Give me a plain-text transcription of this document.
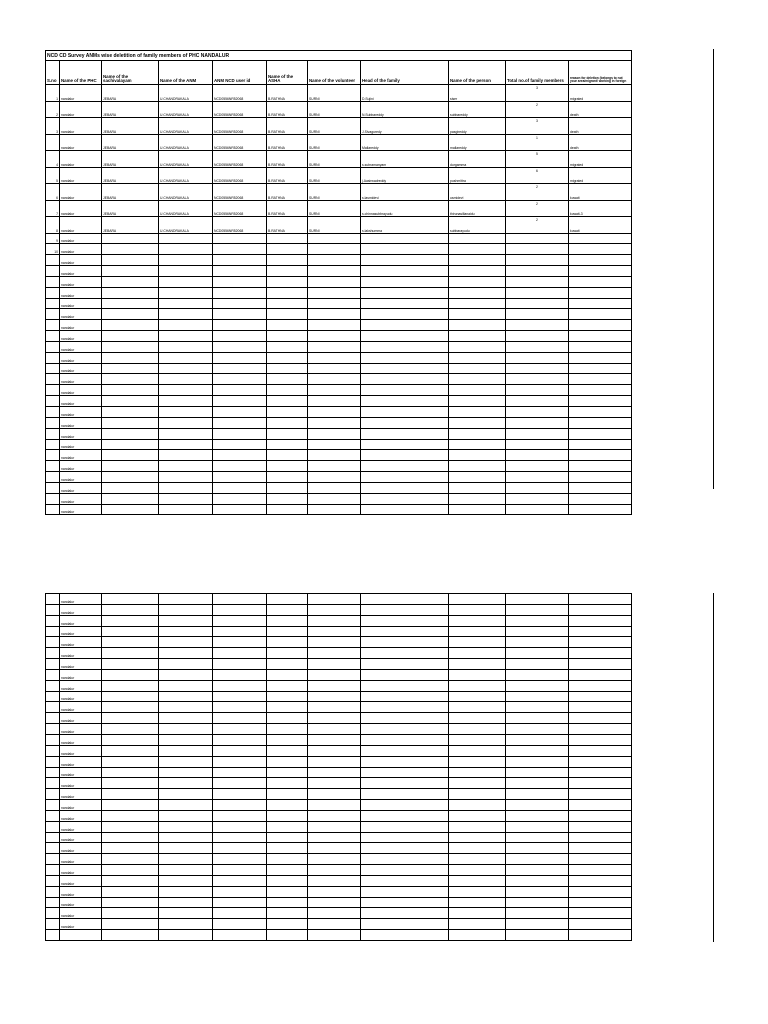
NCD CD Survey ANMs wise deletition of family members of PHC NANDALUR										
S.no	Name of the PHC	Name of the sachivalayam	Name of the ANM	ANM NCD user id	Name of the ASHA	Name of the volunteer	Head of the family	Name of the person	Total no.of family members	reason for deletion (belongs to not your area/migrant/ working in foreign
1	nandalur	JEBARA	U.CHANDRAKALA	NCD0556NR52068	B.RATHNA	SURNI	D.Sujini	siser	3	migrated
2	nandalur	JEBARA	U.CHANDRAKALA	NCD0556NR52068	B.RATHNA	SURNI	N.Subbareddy	subbareddy	2	death
3	nandalur	JEBARA	U.CHANDRAKALA	NCD0556NR52068	B.RATHNA	SURNI	J.Sivaguredy	pasgireddy	3	death
	nandalur	JEBARA	U.CHANDRAKALA	NCD0556NR52068	B.RATHNA	SURNI	Mallareddy	mallareddy	1	death
4	nandalur	JEBARA	U.CHANDRAKALA	NCD0556NR52068	B.RATHNA	SURNI	s.subramanyam	durgamma	5	migrated
5	nandalur	JEBARA	U.CHANDRAKALA	NCD0556NR52068	B.RATHNA	SURNI	j.Aasirwadreddy	pushmittra	6	migrated
6	nandalur	JEBARA	U.CHANDRAKALA	NCD0556NR52068	B.RATHNA	SURNI	s.lasmidevi	usmidevi	2	kuwait
7	nandalur	JEBARA	U.CHANDRAKALA	NCD0556NR52068	B.RATHNA	SURNI	s.chinnasubbrayudu	thirunasillanaidu	2	kuwait-3
8	nandalur	JEBARA	U.CHANDRAKALA	NCD0556NR52068	B.RATHNA	SURNI	s.lakshumma	subbarayudu	2	kuwait
9	nandalur									
10	nandalur									
	nandalur									
	nandalur									
	nandalur									
	nandalur									
	nandalur									
	nandalur									
	nandalur									
	nandalur									
	nandalur									
	nandalur									
	nandalur									
	nandalur									
	nandalur									
	nandalur									
	nandalur									
	nandalur									
	nandalur									
	nandalur									
	nandalur									
	nandalur									
	nandalur									
	nandalur									
	nandalur									
	nandalur									
	nandalur									
	nandalur									
	nandalur									
	nandalur									
	nandalur									
	nandalur									
	nandalur									
	nandalur									
	nandalur									
	nandalur									
	nandalur									
	nandalur									
	nandalur									
	nandalur									
	nandalur									
	nandalur									
	nandalur									
	nandalur									
	nandalur									
	nandalur									
	nandalur									
	nandalur									
	nandalur									
	nandalur									
	nandalur									
	nandalur									
	nandalur									
	nandalur									
	nandalur									
	nandalur									
	nandalur									
